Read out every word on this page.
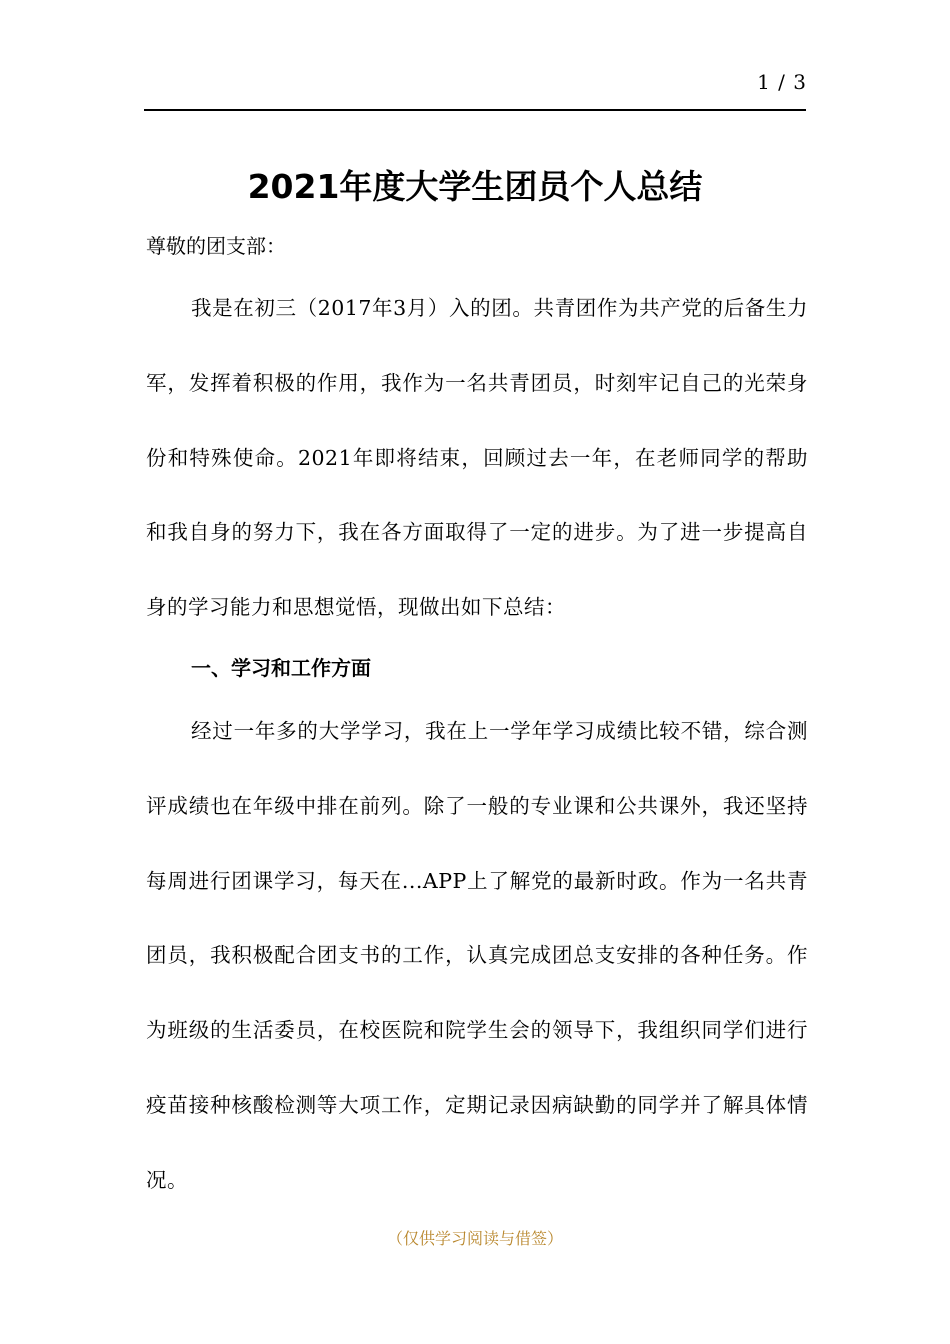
1 / 3
2021年度大学生团员个人总结
尊敬的团支部：

我是在初三（2017年3月）入的团。共青团作为共产党的后备生力军，发挥着积极的作用，我作为一名共青团员，时刻牢记自己的光荣身份和特殊使命。2021年即将结束，回顾过去一年，在老师同学的帮助和我自身的努力下，我在各方面取得了一定的进步。为了进一步提高自身的学习能力和思想觉悟，现做出如下总结：

一、学习和工作方面

经过一年多的大学学习，我在上一学年学习成绩比较不错，综合测评成绩也在年级中排在前列。除了一般的专业课和公共课外，我还坚持每周进行团课学习，每天在...APP上了解党的最新时政。作为一名共青团员，我积极配合团支书的工作，认真完成团总支安排的各种任务。作为班级的生活委员，在校医院和院学生会的领导下，我组织同学们进行疫苗接种核酸检测等大项工作，定期记录因病缺勤的同学并了解具体情况。

（仅供学习阅读与借签）
